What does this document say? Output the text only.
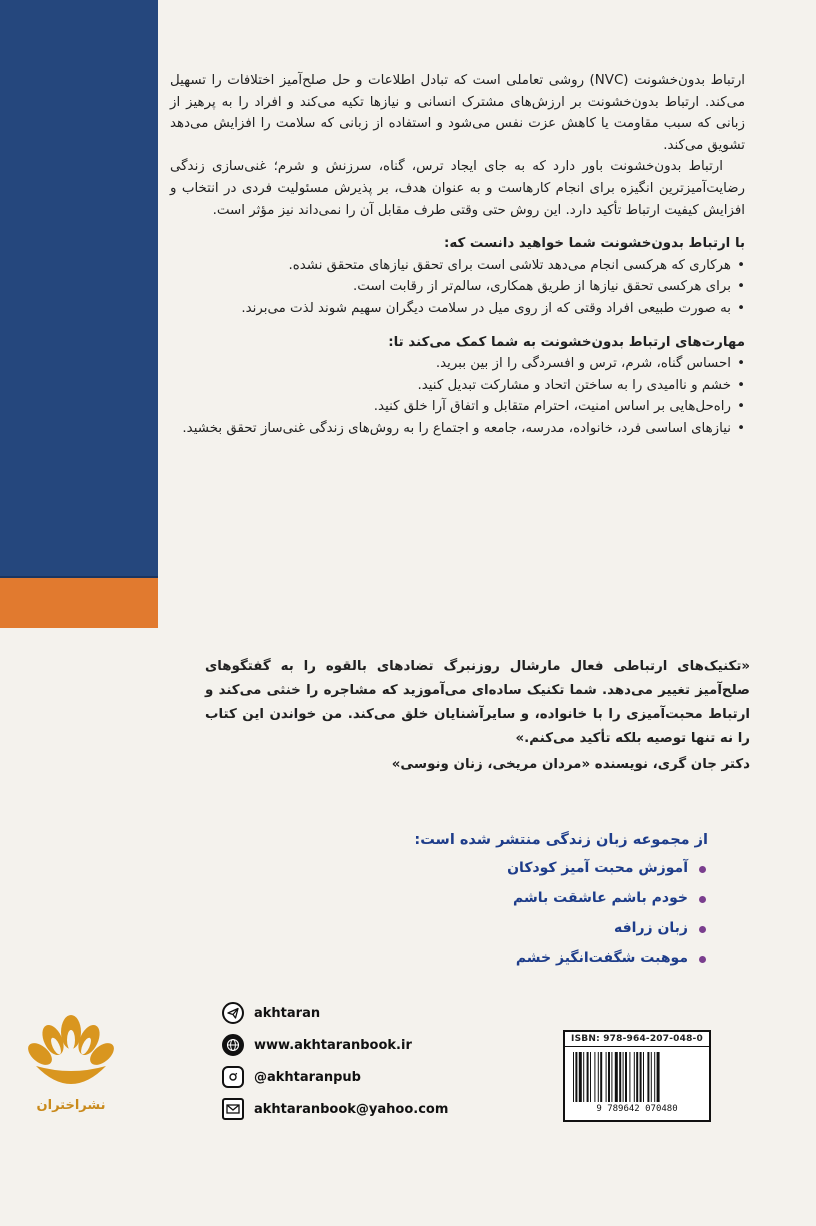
ارتباط بدون‌خشونت (NVC) روشی تعاملی است که تبادل اطلاعات و حل صلح‌آمیز اختلافات را تسهیل می‌کند. ارتباط بدون‌خشونت بر ارزش‌های مشترک انسانی و نیازها تکیه می‌کند و افراد را به پرهیز از زبانی که سبب مقاومت یا کاهش عزت نفس می‌شود و استفاده از زبانی که سلامت را افزایش می‌دهد تشویق می‌کند.

ارتباط بدون‌خشونت باور دارد که به جای ایجاد ترس، گناه، سرزنش و شرم؛ غنی‌سازی زندگی رضایت‌آمیزترین انگیزه برای انجام کارهاست و به عنوان هدف، بر پذیرش مسئولیت فردی در انتخاب و افزایش کیفیت ارتباط تأکید دارد. این روش حتی وقتی طرف مقابل آن را نمی‌داند نیز مؤثر است.

با ارتباط بدون‌خشونت شما خواهید دانست که:

• هرکاری که هرکسی انجام می‌دهد تلاشی است برای تحقق نیازهای متحقق نشده.
• برای هرکسی تحقق نیازها از طریق همکاری، سالم‌تر از رقابت است.
• به صورت طبیعی افراد وقتی که از روی میل در سلامت دیگران سهیم شوند لذت می‌برند.

مهارت‌های ارتباط بدون‌خشونت به شما کمک می‌کند تا:

• احساس گناه، شرم، ترس و افسردگی را از بین ببرید.
• خشم و ناامیدی را به ساختن اتحاد و مشارکت تبدیل کنید.
• راه‌حل‌هایی بر اساس امنیت، احترام متقابل و اتفاق آرا خلق کنید.
• نیازهای اساسی فرد، خانواده، مدرسه، جامعه و اجتماع را به روش‌های زندگی غنی‌ساز تحقق بخشید.

«تکنیک‌های ارتباطی فعال مارشال روزنبرگ تضادهای بالقوه را به گفتگوهای صلح‌آمیز تغییر می‌دهد. شما تکنیک ساده‌ای می‌آموزید که مشاجره را خنثی می‌کند و ارتباط محبت‌آمیزی را با خانواده، و سایرآشنایان خلق می‌کند. من خواندن این کتاب را نه تنها توصیه بلکه تأکید می‌کنم.»

دکتر جان گری، نویسنده «مردان مریخی، زنان ونوسی»

از مجموعه زبان زندگی منتشر شده است:

آموزش محبت آمیز کودکان
خودم باشم عاشقت باشم
زبان زرافه
موهبت شگفت‌انگیز خشم
akhtaran
www.akhtaranbook.ir
@akhtaranpub
akhtaranbook@yahoo.com
نشراختران
ISBN: 978-964-207-048-0
9 789642 070480
